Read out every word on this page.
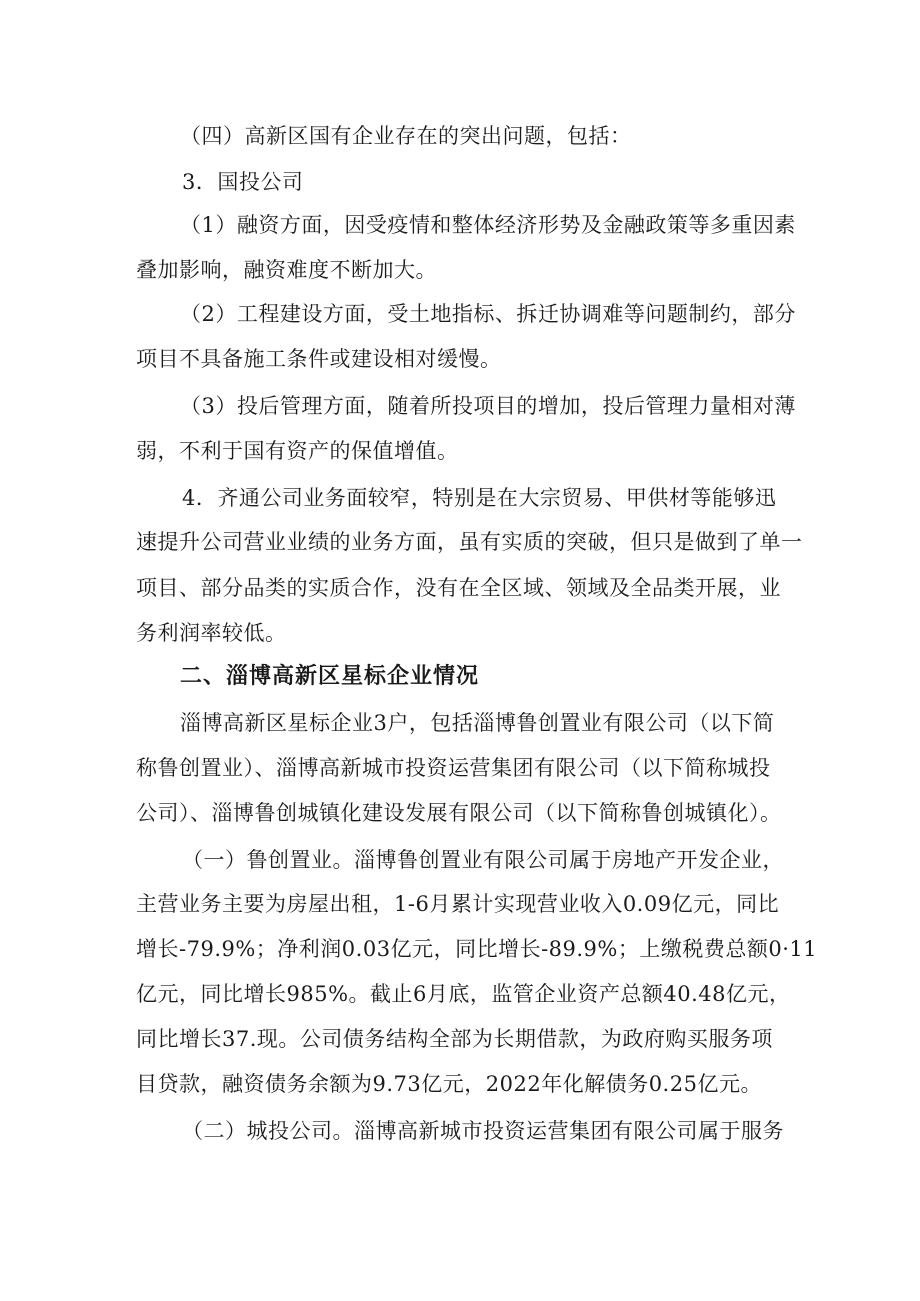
（四）高新区国有企业存在的突出问题，包括：
3．国投公司
（1）融资方面，因受疫情和整体经济形势及金融政策等多重因素
叠加影响，融资难度不断加大。
（2）工程建设方面，受土地指标、拆迁协调难等问题制约，部分
项目不具备施工条件或建设相对缓慢。
（3）投后管理方面，随着所投项目的增加，投后管理力量相对薄
弱，不利于国有资产的保值增值。
4．齐通公司业务面较窄，特别是在大宗贸易、甲供材等能够迅
速提升公司营业业绩的业务方面，虽有实质的突破，但只是做到了单一
项目、部分品类的实质合作，没有在全区域、领域及全品类开展，业
务利润率较低。
二、淄博高新区星标企业情况
淄博高新区星标企业3户，包括淄博鲁创置业有限公司（以下简
称鲁创置业）、淄博高新城市投资运营集团有限公司（以下简称城投
公司）、淄博鲁创城镇化建设发展有限公司（以下简称鲁创城镇化）。
（一）鲁创置业。淄博鲁创置业有限公司属于房地产开发企业，
主营业务主要为房屋出租，1-6月累计实现营业收入0.09亿元，同比
增长-79.9%；净利润0.03亿元，同比增长-89.9%；上缴税费总额0·11
亿元，同比增长985%。截止6月底，监管企业资产总额40.48亿元，
同比增长37.现。公司债务结构全部为长期借款，为政府购买服务项
目贷款，融资债务余额为9.73亿元，2022年化解债务0.25亿元。
（二）城投公司。淄博高新城市投资运营集团有限公司属于服务
